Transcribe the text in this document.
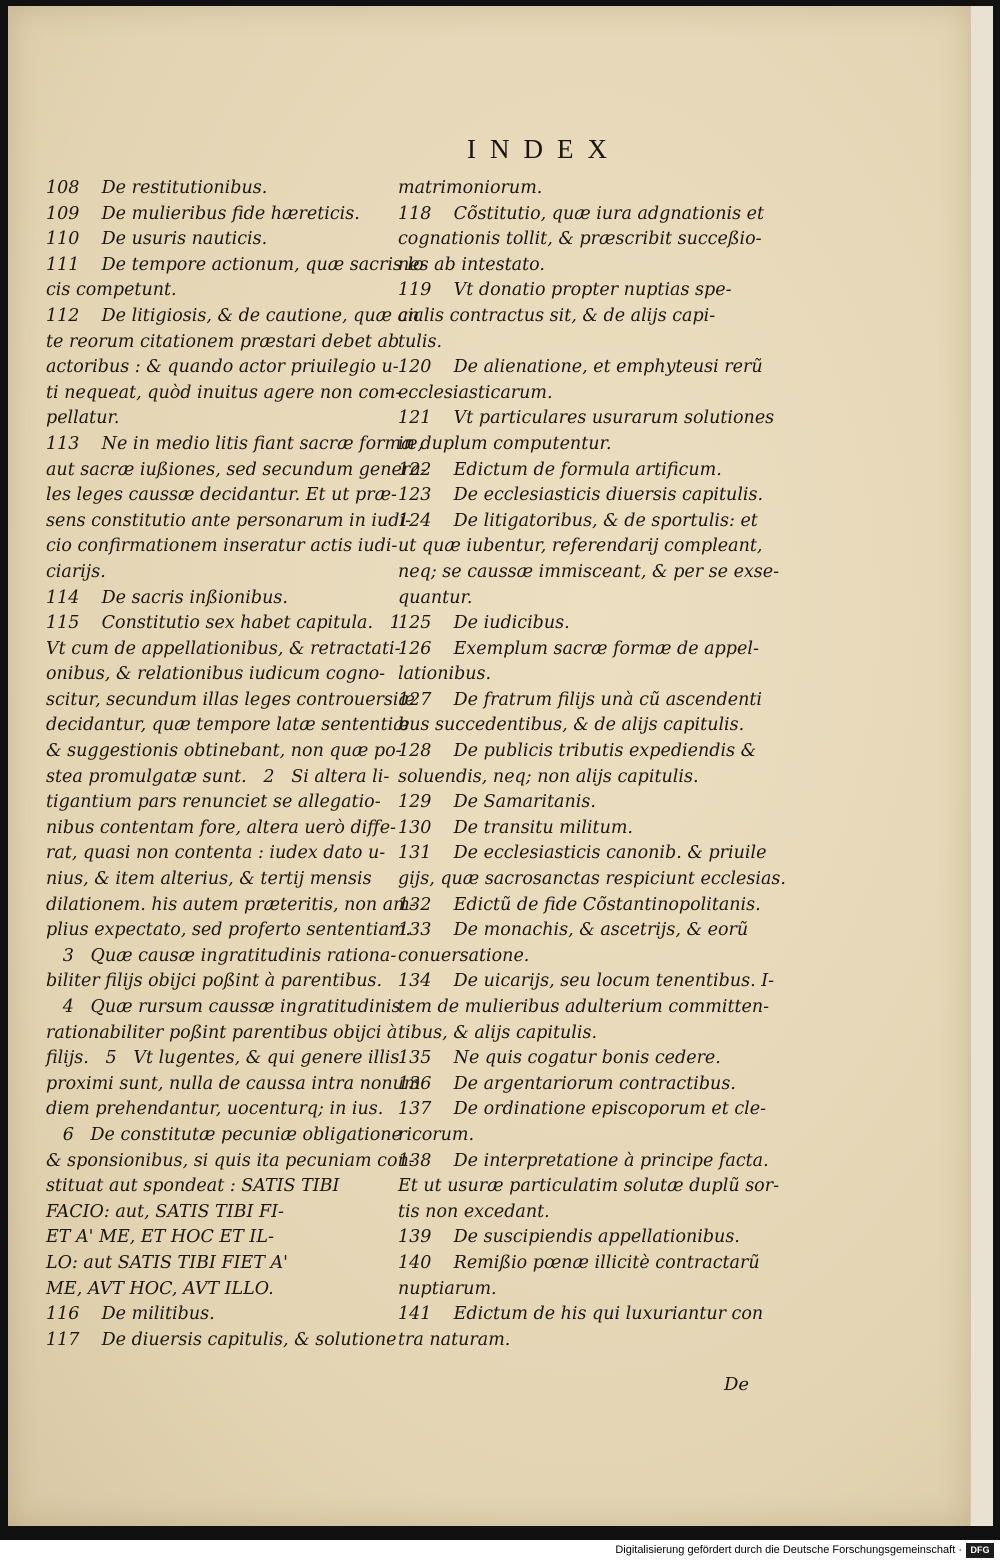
INDEX
108    De restitutionibus.
109    De mulieribus fide hæreticis.
110    De usuris nauticis.
111    De tempore actionum, quæ sacris lo
cis competunt.
112    De litigiosis, & de cautione, quæ an
te reorum citationem præstari debet ab
actoribus : & quando actor priuilegio u-
ti nequeat, quòd inuitus agere non com-
pellatur.
113    Ne in medio litis fiant sacræ formæ,
aut sacræ iußiones, sed secundum genera-
les leges caussæ decidantur. Et ut præ-
sens constitutio ante personarum in iudi-
cio confirmationem inseratur actis iudi-
ciarijs.
114    De sacris inßionibus.
115    Constitutio sex habet capitula.   1
Vt cum de appellationibus, & retractati-
onibus, & relationibus iudicum cogno-
scitur, secundum illas leges controuersiæ
decidantur, quæ tempore latæ sententiæ
& suggestionis obtinebant, non quæ po-
stea promulgatæ sunt.   2   Si altera li-
tigantium pars renunciet se allegatio-
nibus contentam fore, altera uerò diffe-
rat, quasi non contenta : iudex dato u-
nius, & item alterius, & tertij mensis
dilationem. his autem præteritis, non am-
plius expectato, sed proferto sententiam.
3   Quæ causæ ingratitudinis rationa-
biliter filijs obijci poßint à parentibus.
4   Quæ rursum caussæ ingratitudinis
rationabiliter poßint parentibus obijci à
filijs.   5   Vt lugentes, & qui genere illis
proximi sunt, nulla de caussa intra nonum
diem prehendantur, uocenturq; in ius.
6   De constitutæ pecuniæ obligatione
& sponsionibus, si quis ita pecuniam con-
stituat aut spondeat : SATIS TIBI
FACIO: aut, SATIS TIBI FI-
ET A' ME, ET HOC ET IL-
LO: aut SATIS TIBI FIET A'
ME, AVT HOC, AVT ILLO.
116    De militibus.
117    De diuersis capitulis, & solutione
matrimoniorum.
118    Cõstitutio, quæ iura adgnationis et
cognationis tollit, & præscribit succeßio-
nes ab intestato.
119    Vt donatio propter nuptias spe-
cialis contractus sit, & de alijs capi-
tulis.
120    De alienatione, et emphyteusi rerũ
ecclesiasticarum.
121    Vt particulares usurarum solutiones
in duplum computentur.
122    Edictum de formula artificum.
123    De ecclesiasticis diuersis capitulis.
124    De litigatoribus, & de sportulis: et
ut quæ iubentur, referendarij compleant,
neq; se caussæ immisceant, & per se exse-
quantur.
125    De iudicibus.
126    Exemplum sacræ formæ de appel-
lationibus.
127    De fratrum filijs unà cũ ascendenti
bus succedentibus, & de alijs capitulis.
128    De publicis tributis expediendis &
soluendis, neq; non alijs capitulis.
129    De Samaritanis.
130    De transitu militum.
131    De ecclesiasticis canonib. & priuile
gijs, quæ sacrosanctas respiciunt ecclesias.
132    Edictũ de fide Cõstantinopolitanis.
133    De monachis, & ascetrijs, & eorũ
conuersatione.
134    De uicarijs, seu locum tenentibus. I-
tem de mulieribus adulterium committen-
tibus, & alijs capitulis.
135    Ne quis cogatur bonis cedere.
136    De argentariorum contractibus.
137    De ordinatione episcoporum et cle-
ricorum.
138    De interpretatione à principe facta.
Et ut usuræ particulatim solutæ duplũ sor-
tis non excedant.
139    De suscipiendis appellationibus.
140    Remißio pœnæ illicitè contractarũ
nuptiarum.
141    Edictum de his qui luxuriantur con
tra naturam.
De
Digitalisierung gefördert durch die Deutsche Forschungsgemeinschaft · DFG
